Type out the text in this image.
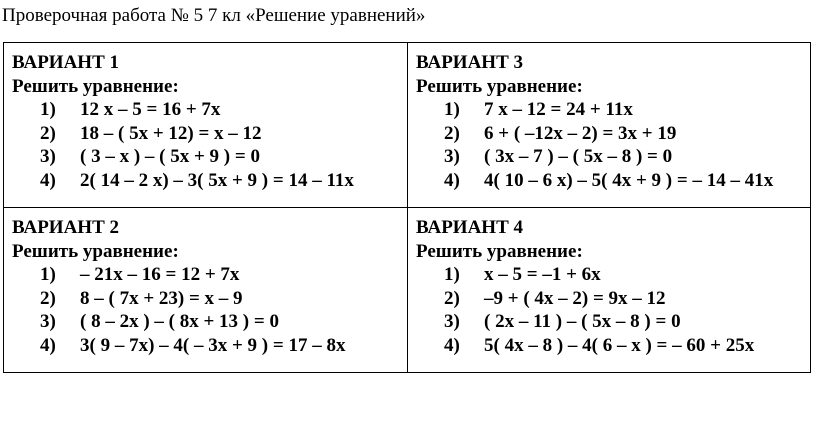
Проверочная работа № 5 7 кл «Решение уравнений»
ВАРИАНТ 1
Решить уравнение:
1)	12 x – 5 = 16 + 7x
2)	18 – ( 5x + 12) = x – 12
3)	( 3 – x ) – ( 5x + 9 ) = 0
4)	2( 14 – 2 x) – 3( 5x + 9 ) = 14 – 11x
ВАРИАНТ 3
Решить уравнение:
1)	7 x – 12 = 24 + 11x
2)	6 + ( –12x – 2) = 3x + 19
3)	( 3x – 7 ) – ( 5x – 8 ) = 0
4)	4( 10 – 6 x) – 5( 4x + 9 ) = – 14 – 41x
ВАРИАНТ 2
Решить уравнение:
1)	– 21x – 16 = 12 + 7x
2)	8 – ( 7x + 23) = x – 9
3)	( 8 – 2x ) – ( 8x + 13 ) = 0
4)	3( 9 – 7x) – 4( – 3x + 9 ) = 17 – 8x
ВАРИАНТ 4
Решить уравнение:
1)	x – 5 = –1 + 6x
2)	–9 + ( 4x – 2) = 9x – 12
3)	( 2x – 11 ) – ( 5x – 8 ) = 0
4)	5( 4x – 8 ) – 4( 6 – x ) = – 60 + 25x
